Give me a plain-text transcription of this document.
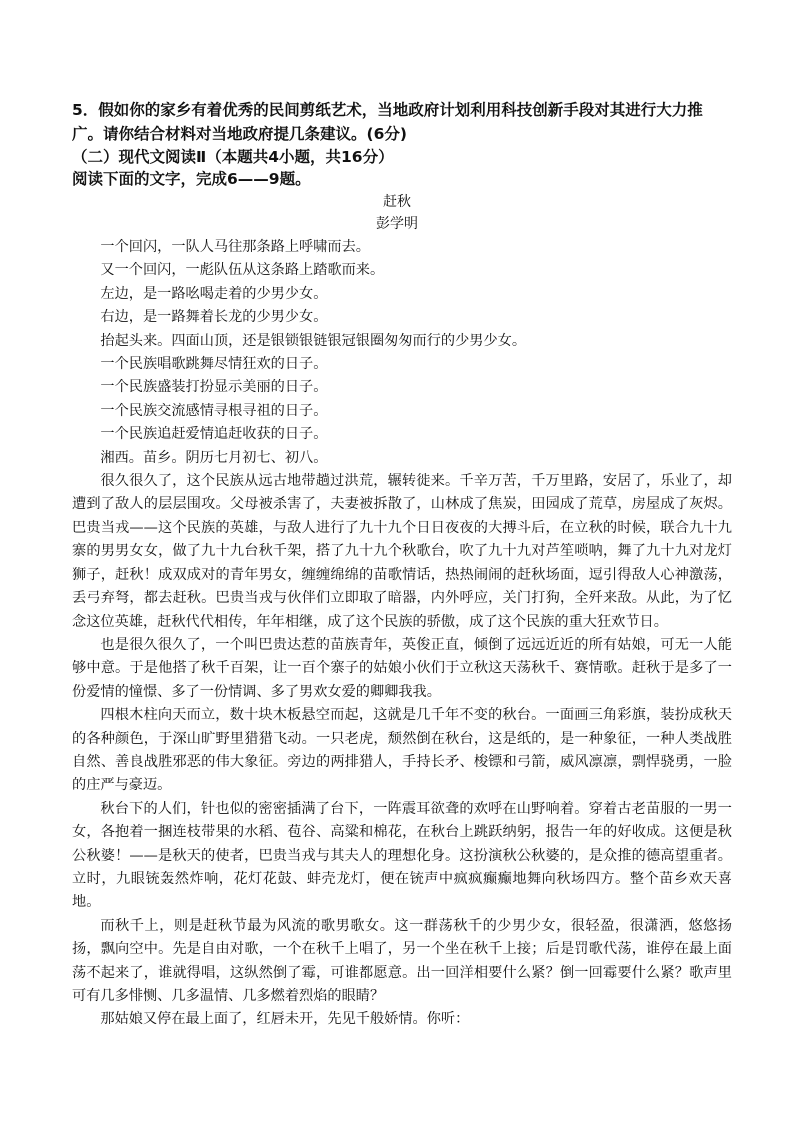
5．假如你的家乡有着优秀的民间剪纸艺术，当地政府计划利用科技创新手段对其进行大力推广。请你结合材料对当地政府提几条建议。(6分)
（二）现代文阅读Ⅱ（本题共4小题，共16分）
阅读下面的文字，完成6——9题。
赶秋
彭学明

一个回闪，一队人马往那条路上呼啸而去。

又一个回闪，一彪队伍从这条路上踏歌而来。

左边，是一路吆喝走着的少男少女。

右边，是一路舞着长龙的少男少女。

抬起头来。四面山顶，还是银锁银链银冠银圈匆匆而行的少男少女。

一个民族唱歌跳舞尽情狂欢的日子。

一个民族盛装打扮显示美丽的日子。

一个民族交流感情寻根寻祖的日子。

一个民族追赶爱情追赶收获的日子。

湘西。苗乡。阴历七月初七、初八。

很久很久了，这个民族从远古地带趟过洪荒，辗转徙来。千辛万苦，千万里路，安居了，乐业了，却遭到了敌人的层层围攻。父母被杀害了，夫妻被拆散了，山林成了焦炭，田园成了荒草，房屋成了灰烬。巴贵当戎——这个民族的英雄，与敌人进行了九十九个日日夜夜的大搏斗后，在立秋的时候，联合九十九寨的男男女女，做了九十九台秋千架，搭了九十九个秋歌台，吹了九十九对芦笙唢呐，舞了九十九对龙灯狮子，赶秋！成双成对的青年男女，缠缠绵绵的苗歌情话，热热闹闹的赶秋场面，逗引得敌人心神激荡，丢弓弃弩，都去赶秋。巴贵当戎与伙伴们立即取了暗器，内外呼应，关门打狗，全歼来敌。从此，为了忆念这位英雄，赶秋代代相传，年年相继，成了这个民族的骄傲，成了这个民族的重大狂欢节日。

也是很久很久了，一个叫巴贵达惹的苗族青年，英俊正直，倾倒了远远近近的所有姑娘，可无一人能够中意。于是他搭了秋千百架，让一百个寨子的姑娘小伙们于立秋这天荡秋千、赛情歌。赶秋于是多了一份爱情的憧憬、多了一份情调、多了男欢女爱的卿卿我我。

四根木柱向天而立，数十块木板悬空而起，这就是几千年不变的秋台。一面画三角彩旗，装扮成秋天的各种颜色，于深山旷野里猎猎飞动。一只老虎，颓然倒在秋台，这是纸的，是一种象征，一种人类战胜自然、善良战胜邪恶的伟大象征。旁边的两排猎人，手持长矛、梭镖和弓箭，威风凛凛，剽悍骁勇，一脸的庄严与豪迈。

秋台下的人们，针也似的密密插满了台下，一阵震耳欲聋的欢呼在山野响着。穿着古老苗服的一男一女，各抱着一捆连枝带果的水稻、苞谷、高粱和棉花，在秋台上跳跃纳躬，报告一年的好收成。这便是秋公秋婆！——是秋天的使者，巴贵当戎与其夫人的理想化身。这扮演秋公秋婆的，是众推的德高望重者。立时，九眼铳轰然炸响，花灯花鼓、蚌壳龙灯，便在铳声中疯疯癫癫地舞向秋场四方。整个苗乡欢天喜地。

而秋千上，则是赶秋节最为风流的歌男歌女。这一群荡秋千的少男少女，很轻盈，很潇洒，悠悠扬扬，飘向空中。先是自由对歌，一个在秋千上唱了，另一个坐在秋千上接；后是罚歌代荡，谁停在最上面荡不起来了，谁就得唱，这纵然倒了霉，可谁都愿意。出一回洋相要什么紧？倒一回霉要什么紧？歌声里可有几多悱恻、几多温情、几多燃着烈焰的眼睛？

那姑娘又停在最上面了，红唇未开，先见千般娇情。你听：
